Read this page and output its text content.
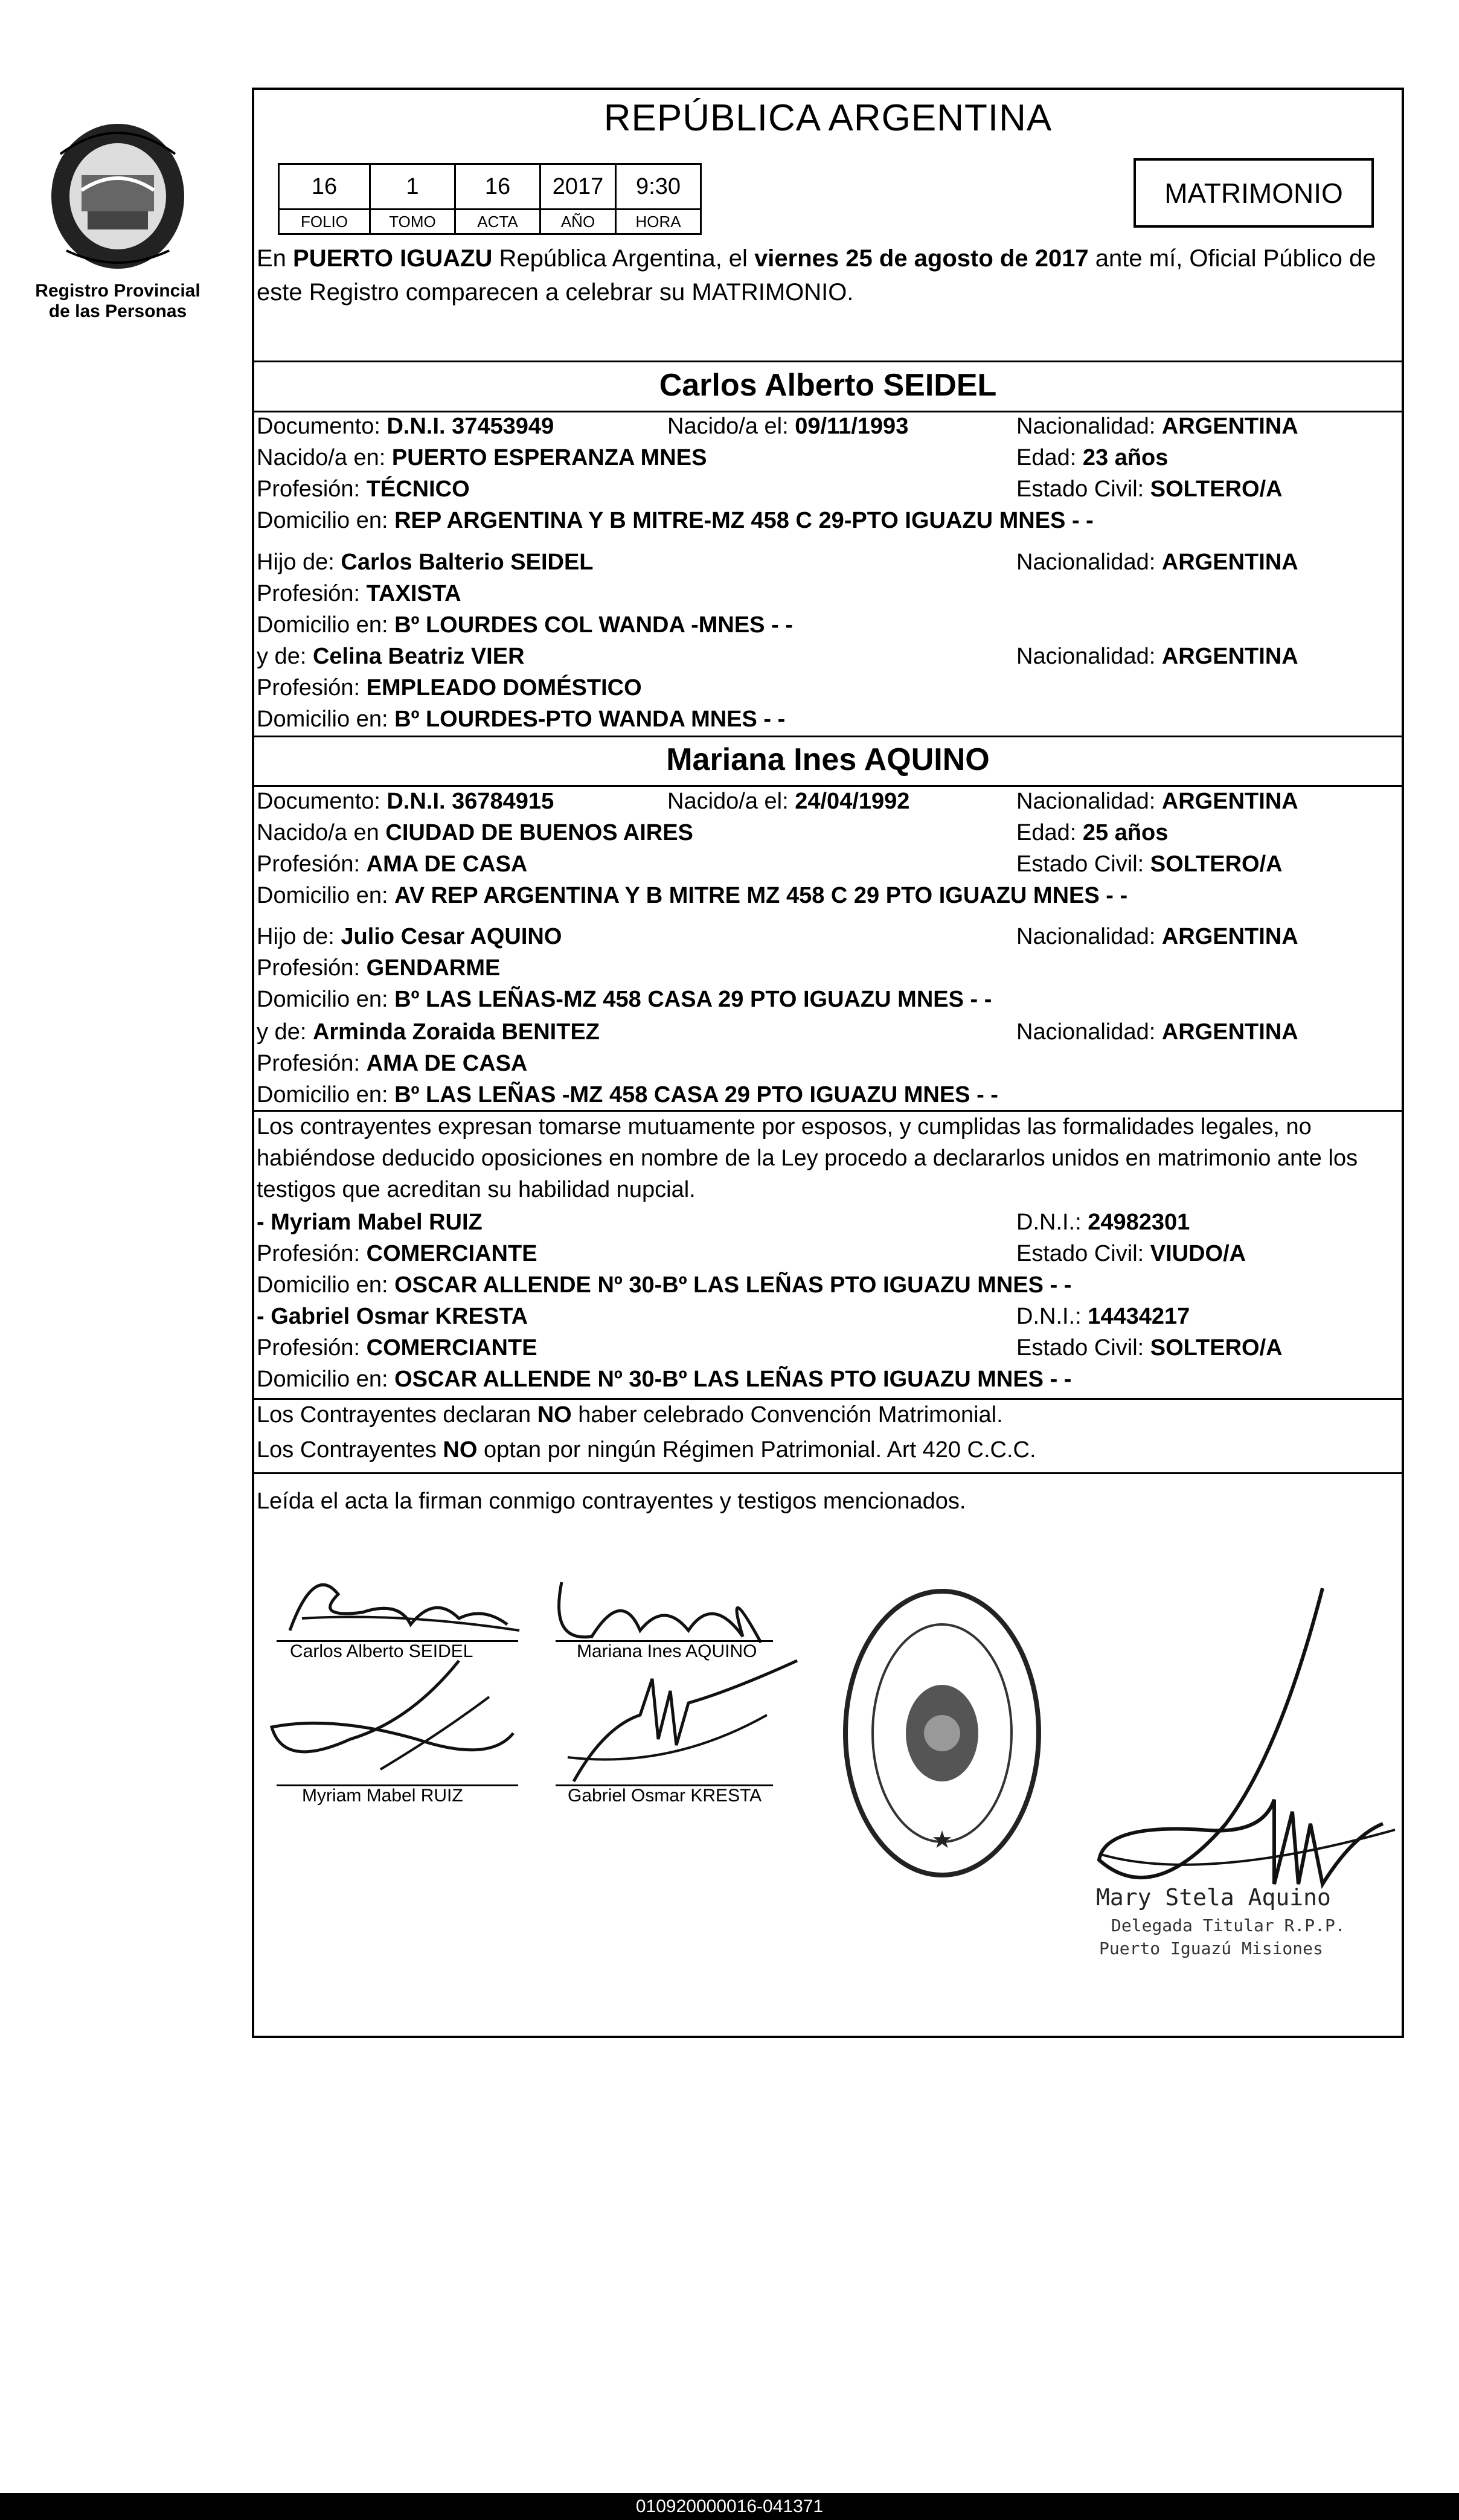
Registro Provincial
de las Personas
REPÚBLICA ARGENTINA
16	1	16	2017	9:30
FOLIO	TOMO	ACTA	AÑO	HORA
MATRIMONIO
En PUERTO IGUAZU República Argentina, el viernes 25 de agosto de 2017 ante mí, Oficial Público de este Registro comparecen a celebrar su MATRIMONIO.
Carlos Alberto SEIDEL
Documento: D.N.I. 37453949	Nacido/a el: 09/11/1993	Nacionalidad: ARGENTINA
Nacido/a en: PUERTO ESPERANZA MNES	Edad: 23 años
Profesión: TÉCNICO	Estado Civil: SOLTERO/A
Domicilio en: REP ARGENTINA Y B MITRE-MZ 458 C 29-PTO IGUAZU MNES - -
Hijo de: Carlos Balterio SEIDEL	Nacionalidad: ARGENTINA
Profesión: TAXISTA
Domicilio en: Bº LOURDES COL WANDA -MNES - -
y de: Celina Beatriz VIER	Nacionalidad: ARGENTINA
Profesión: EMPLEADO DOMÉSTICO
Domicilio en: Bº LOURDES-PTO WANDA MNES - -
Mariana Ines AQUINO
Documento: D.N.I. 36784915	Nacido/a el: 24/04/1992	Nacionalidad: ARGENTINA
Nacido/a en CIUDAD DE BUENOS AIRES	Edad: 25 años
Profesión: AMA DE CASA	Estado Civil: SOLTERO/A
Domicilio en: AV REP ARGENTINA Y B MITRE MZ 458 C 29 PTO IGUAZU MNES - -
Hijo de: Julio Cesar AQUINO	Nacionalidad: ARGENTINA
Profesión: GENDARME
Domicilio en: Bº LAS LEÑAS-MZ 458 CASA 29 PTO IGUAZU MNES - -
y de: Arminda Zoraida BENITEZ	Nacionalidad: ARGENTINA
Profesión: AMA DE CASA
Domicilio en: Bº LAS LEÑAS -MZ 458 CASA 29 PTO IGUAZU MNES - -
Los contrayentes expresan tomarse mutuamente por esposos, y cumplidas las formalidades legales, no habiéndose deducido oposiciones en nombre de la Ley procedo a declararlos unidos en matrimonio ante los testigos que acreditan su habilidad nupcial.
- Myriam Mabel RUIZ	D.N.I.: 24982301
Profesión: COMERCIANTE	Estado Civil: VIUDO/A
Domicilio en: OSCAR ALLENDE Nº 30-Bº LAS LEÑAS PTO IGUAZU MNES - -
- Gabriel Osmar KRESTA	D.N.I.: 14434217
Profesión: COMERCIANTE	Estado Civil: SOLTERO/A
Domicilio en: OSCAR ALLENDE Nº 30-Bº LAS LEÑAS PTO IGUAZU MNES - -
Los Contrayentes declaran NO haber celebrado Convención Matrimonial.
Los Contrayentes NO optan por ningún Régimen Patrimonial. Art 420 C.C.C.
Leída el acta la firman conmigo contrayentes y testigos mencionados.
Carlos Alberto SEIDEL	Mariana Ines AQUINO
Myriam Mabel RUIZ	Gabriel Osmar KRESTA
★
Mary Stela Aquino
Delegada Titular R.P.P.
Puerto Iguazú Misiones
010920000016-041371
